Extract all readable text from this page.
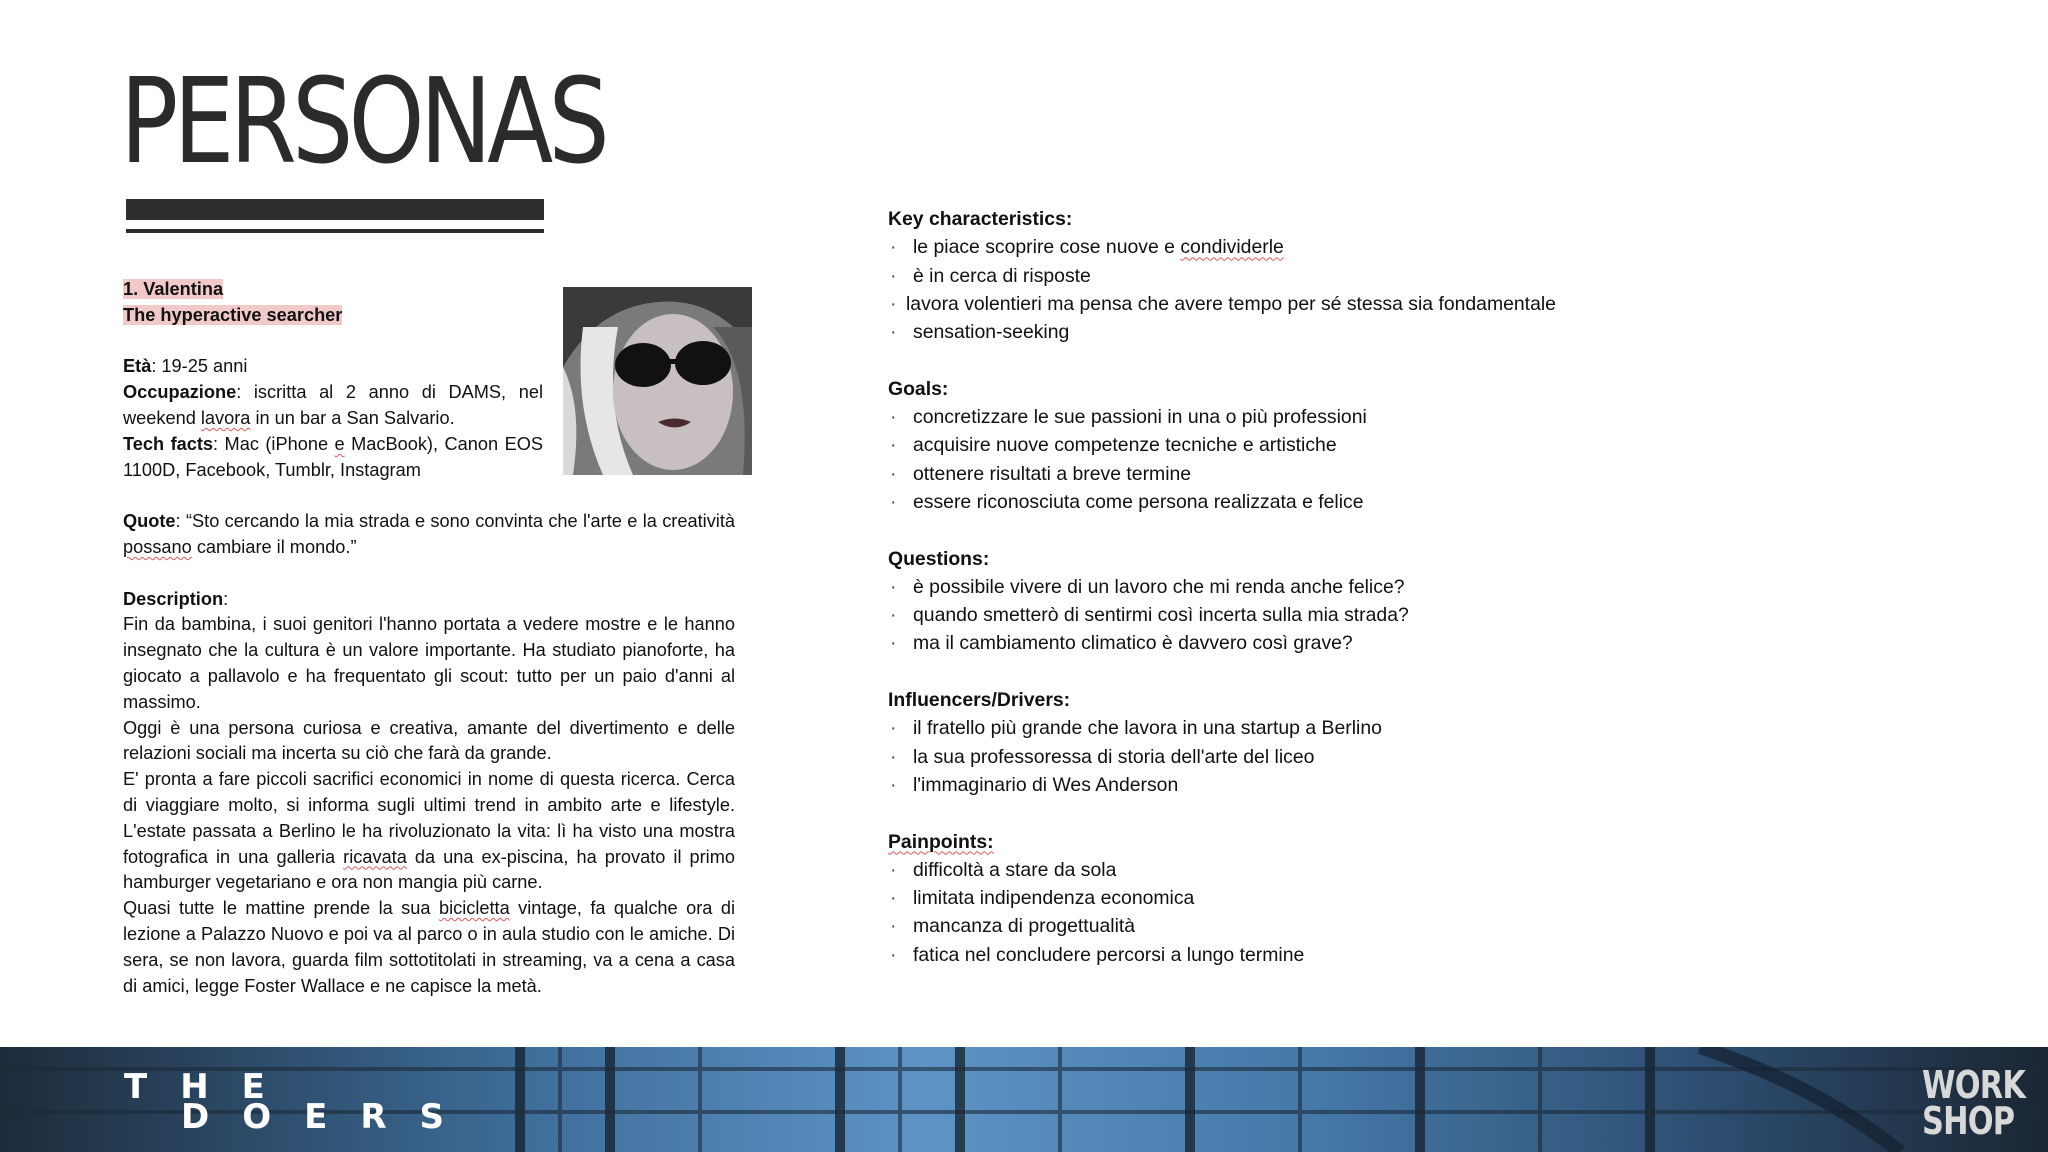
PERSONAS
1. Valentina
The hyperactive searcher
Età: 19-25 anni
Occupazione: iscritta al 2 anno di DAMS, nel weekend lavora in un bar a San Salvario.
Tech facts: Mac (iPhone e MacBook), Canon EOS 1100D, Facebook, Tumblr, Instagram
Quote: “Sto cercando la mia strada e sono convinta che l'arte e la creatività possano cambiare il mondo.”
Description:
Fin da bambina, i suoi genitori l'hanno portata a vedere mostre e le hanno insegnato che la cultura è un valore importante. Ha studiato pianoforte, ha giocato a pallavolo e ha frequentato gli scout: tutto per un paio d'anni al massimo.
Oggi è una persona curiosa e creativa, amante del divertimento e delle relazioni sociali ma incerta su ciò che farà da grande.
E' pronta a fare piccoli sacrifici economici in nome di questa ricerca. Cerca di viaggiare molto, si informa sugli ultimi trend in ambito arte e lifestyle. L'estate passata a Berlino le ha rivoluzionato la vita: lì ha visto una mostra fotografica in una galleria ricavata da una ex-piscina, ha provato il primo hamburger vegetariano e ora non mangia più carne.
Quasi tutte le mattine prende la sua bicicletta vintage, fa qualche ora di lezione a Palazzo Nuovo e poi va al parco o in aula studio con le amiche. Di sera, se non lavora, guarda film sottotitolati in streaming, va a cena a casa di amici, legge Foster Wallace e ne capisce la metà.
Key characteristics:
· le piace scoprire cose nuove e condividerle
· è in cerca di risposte
· lavora volentieri ma pensa che avere tempo per sé stessa sia fondamentale
· sensation-seeking
Goals:
· concretizzare le sue passioni in una o più professioni
· acquisire nuove competenze tecniche e artistiche
· ottenere risultati a breve termine
· essere riconosciuta come persona realizzata e felice
Questions:
· è possibile vivere di un lavoro che mi renda anche felice?
· quando smetterò di sentirmi così incerta sulla mia strada?
· ma il cambiamento climatico è davvero così grave?
Influencers/Drivers:
· il fratello più grande che lavora in una startup a Berlino
· la sua professoressa di storia dell'arte del liceo
· l'immaginario di Wes Anderson
Painpoints:
· difficoltà a stare da sola
· limitata indipendenza economica
· mancanza di progettualità
· fatica nel concludere percorsi a lungo termine
THE
DOERS
WORK
SHOP
